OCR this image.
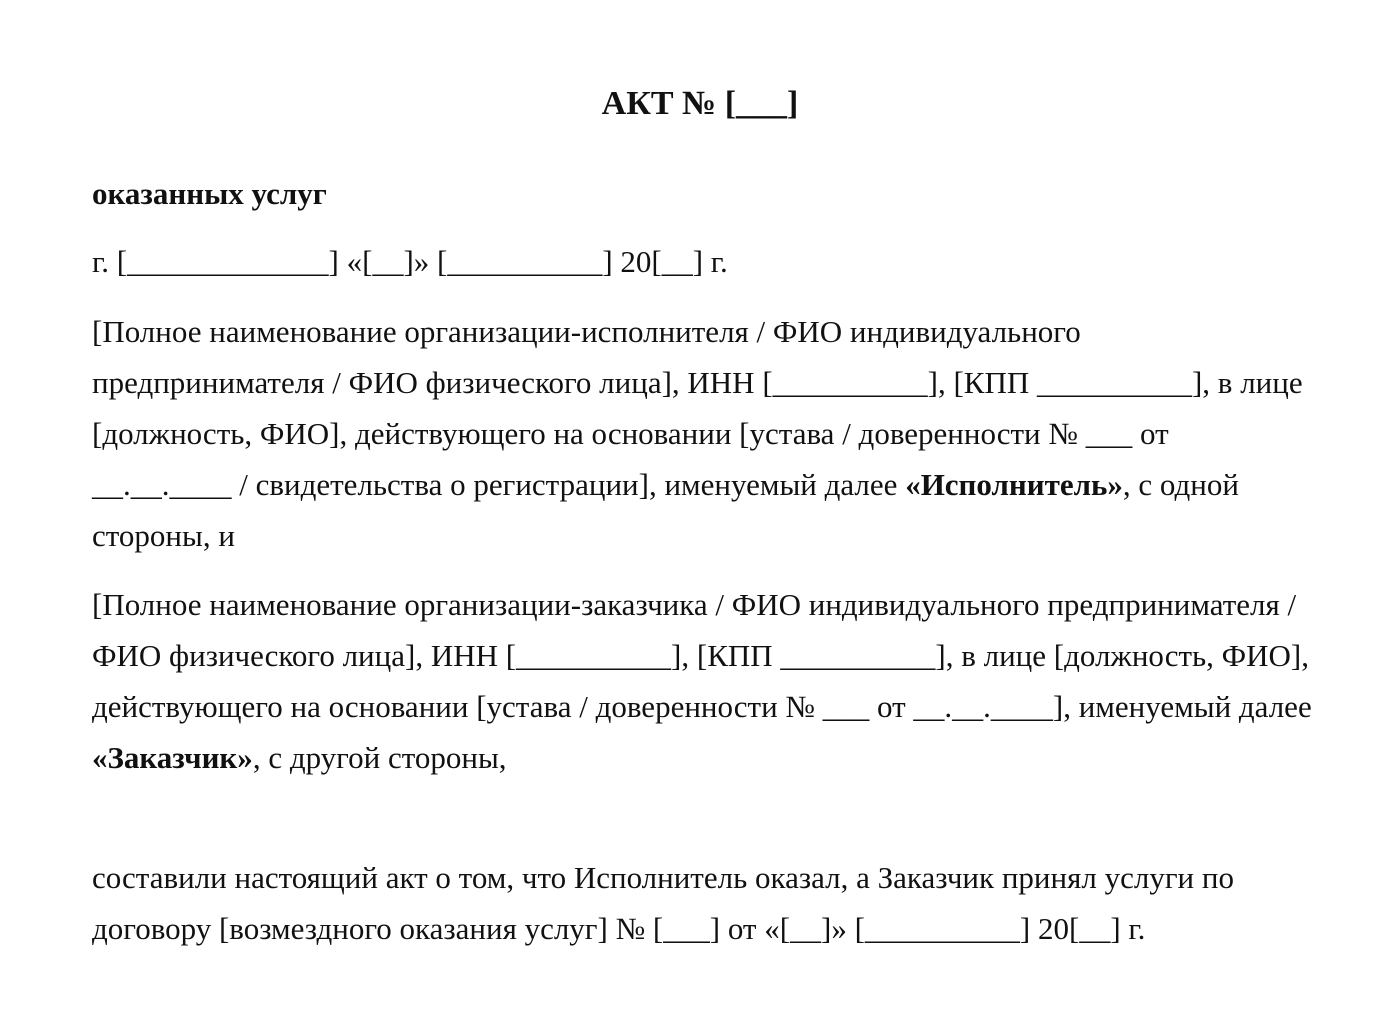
АКТ № [___]

оказанных услуг

г. [_____________] «[__]» [__________] 20[__] г.

[Полное наименование организации-исполнителя / ФИО индивидуального предпринимателя / ФИО физического лица], ИНН [__________], [КПП __________], в лице [должность, ФИО], действующего на основании [устава / доверенности № ___ от __.__.____ / свидетельства о регистрации], именуемый далее «Исполнитель», с одной стороны, и

[Полное наименование организации-заказчика / ФИО индивидуального предпринимателя / ФИО физического лица], ИНН [__________], [КПП __________], в лице [должность, ФИО], действующего на основании [устава / доверенности № ___ от __.__.____], именуемый далее «Заказчик», с другой стороны,

составили настоящий акт о том, что Исполнитель оказал, а Заказчик принял услуги по договору [возмездного оказания услуг] № [___] от «[__]» [__________] 20[__] г.
